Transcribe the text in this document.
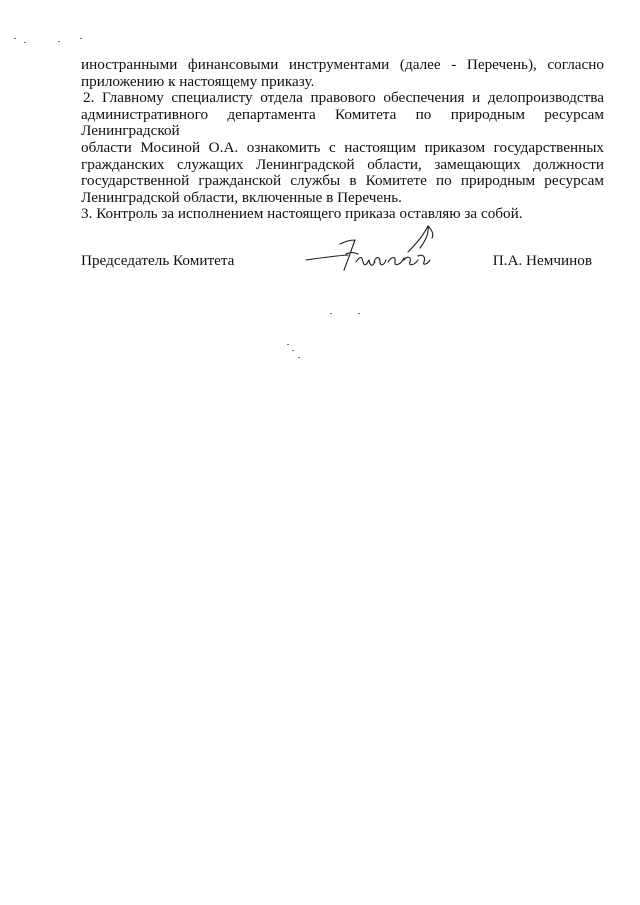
иностранными финансовыми инструментами (далее - Перечень), согласно
приложению к настоящему приказу.

2. Главному специалисту отдела правового обеспечения и делопроизводства
административного департамента Комитета по природным ресурсам Ленинградской
области Мосиной О.А. ознакомить с настоящим приказом государственных
гражданских служащих Ленинградской области, замещающих должности
государственной гражданской службы в Комитете по природным ресурсам
Ленинградской области, включенные в Перечень.

3. Контроль за исполнением настоящего приказа оставляю за собой.

Председатель Комитета	П.А. Немчинов
